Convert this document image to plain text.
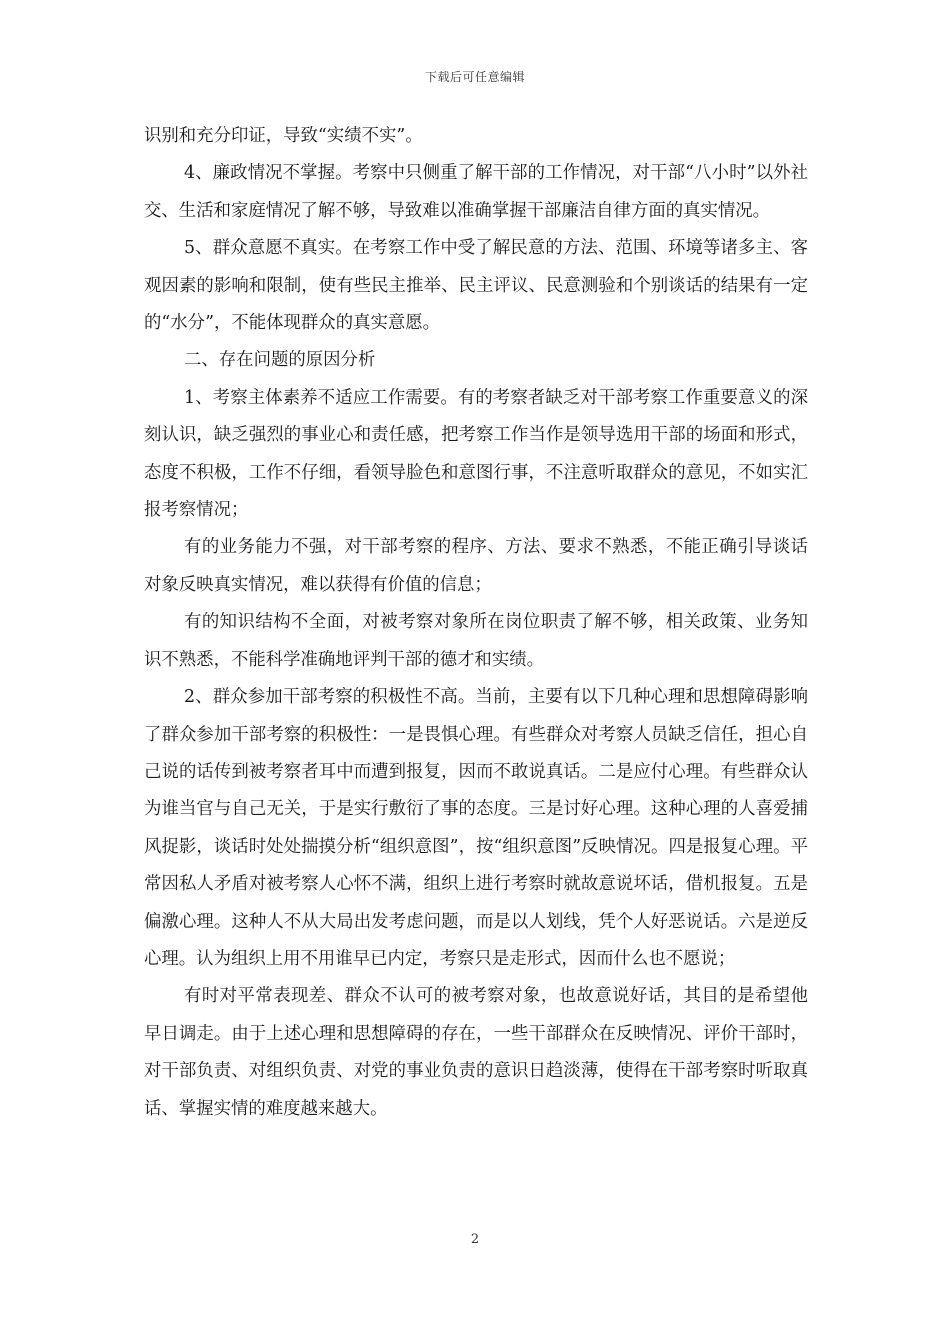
下载后可任意编辑

识别和充分印证，导致“实绩不实”。

4、廉政情况不掌握。考察中只侧重了解干部的工作情况，对干部“八小时”以外社交、生活和家庭情况了解不够，导致难以准确掌握干部廉洁自律方面的真实情况。

5、群众意愿不真实。在考察工作中受了解民意的方法、范围、环境等诸多主、客观因素的影响和限制，使有些民主推举、民主评议、民意测验和个别谈话的结果有一定的“水分”，不能体现群众的真实意愿。

二、存在问题的原因分析

1、考察主体素养不适应工作需要。有的考察者缺乏对干部考察工作重要意义的深刻认识，缺乏强烈的事业心和责任感，把考察工作当作是领导选用干部的场面和形式，态度不积极，工作不仔细，看领导脸色和意图行事，不注意听取群众的意见，不如实汇报考察情况；

有的业务能力不强，对干部考察的程序、方法、要求不熟悉，不能正确引导谈话对象反映真实情况，难以获得有价值的信息；

有的知识结构不全面，对被考察对象所在岗位职责了解不够，相关政策、业务知识不熟悉，不能科学准确地评判干部的德才和实绩。

2、群众参加干部考察的积极性不高。当前，主要有以下几种心理和思想障碍影响了群众参加干部考察的积极性：一是畏惧心理。有些群众对考察人员缺乏信任，担心自己说的话传到被考察者耳中而遭到报复，因而不敢说真话。二是应付心理。有些群众认为谁当官与自己无关，于是实行敷衍了事的态度。三是讨好心理。这种心理的人喜爱捕风捉影，谈话时处处揣摸分析“组织意图”，按“组织意图”反映情况。四是报复心理。平常因私人矛盾对被考察人心怀不满，组织上进行考察时就故意说坏话，借机报复。五是偏激心理。这种人不从大局出发考虑问题，而是以人划线，凭个人好恶说话。六是逆反心理。认为组织上用不用谁早已内定，考察只是走形式，因而什么也不愿说；

有时对平常表现差、群众不认可的被考察对象，也故意说好话，其目的是希望他早日调走。由于上述心理和思想障碍的存在，一些干部群众在反映情况、评价干部时，对干部负责、对组织负责、对党的事业负责的意识日趋淡薄，使得在干部考察时听取真话、掌握实情的难度越来越大。

2
